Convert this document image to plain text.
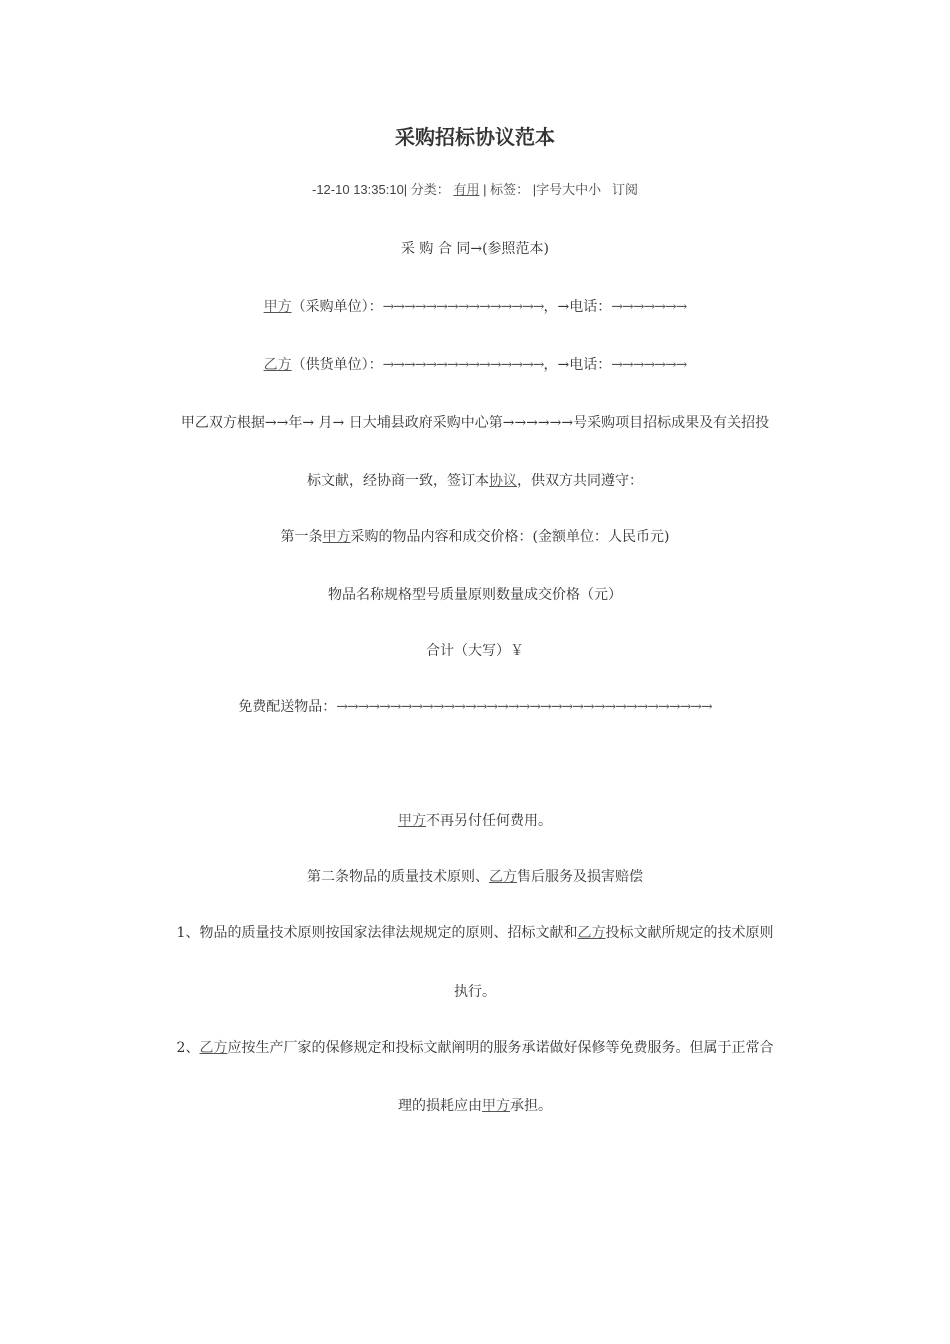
采购招标协议范本
-12-10 13:35:10| 分类： 有用 | 标签： |字号大中小 订阅
采 购 合 同→(参照范本)
甲方（采购单位）：→→→→→→→→→→→→→→→，→电话：→→→→→→→
乙方（供货单位）：→→→→→→→→→→→→→→→，→电话：→→→→→→→
甲乙双方根据→→年→ 月→ 日大埔县政府采购中心第→→→→→→号采购项目招标成果及有关招投
标文献，经协商一致，签订本协议，供双方共同遵守：
第一条甲方采购的物品内容和成交价格：(金额单位：人民币元)
物品名称规格型号质量原则数量成交价格（元）
合计（大写）￥
免费配送物品：→→→→→→→→→→→→→→→→→→→→→→→→→→→→→→→→→→→
甲方不再另付任何费用。
第二条物品的质量技术原则、乙方售后服务及损害赔偿
1、物品的质量技术原则按国家法律法规规定的原则、招标文献和乙方投标文献所规定的技术原则
执行。
2、乙方应按生产厂家的保修规定和投标文献阐明的服务承诺做好保修等免费服务。但属于正常合
理的损耗应由甲方承担。
